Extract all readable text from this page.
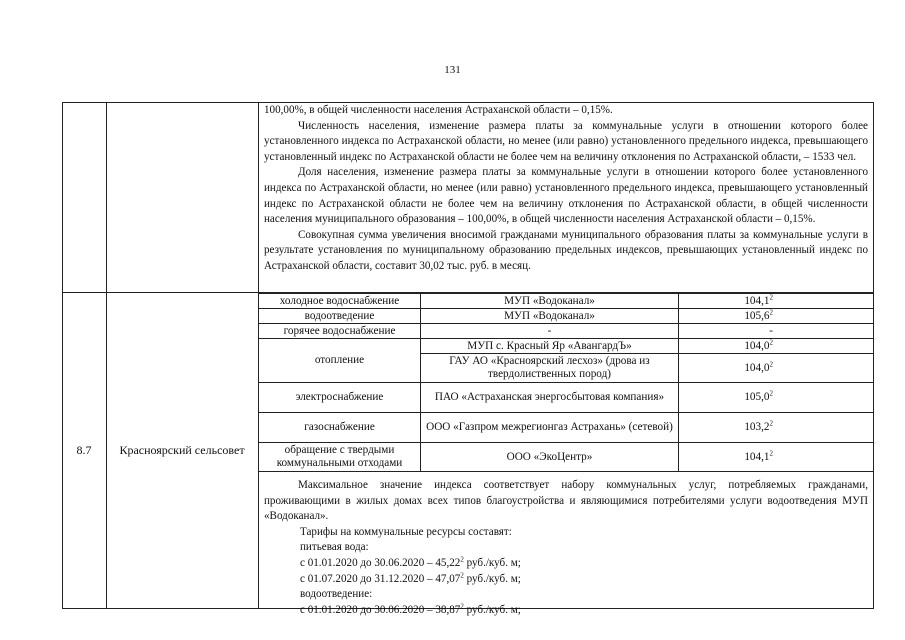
131

100,00%, в общей численности населения Астраханской области – 0,15%.

Численность населения, изменение размера платы за коммунальные услуги в отношении которого более установленного индекса по Астраханской области, но менее (или равно) установленного предельного индекса, превышающего установленный индекс по Астраханской области не более чем на величину отклонения по Астраханской области, – 1533 чел.

Доля населения, изменение размера платы за коммунальные услуги в отношении которого более установленного индекса по Астраханской области, но менее (или равно) установленного предельного индекса, превышающего установленный индекс по Астраханской области не более чем на величину отклонения по Астраханской области, в общей численности населения муниципального образования – 100,00%, в общей численности населения Астраханской области – 0,15%.

Совокупная сумма увеличения вносимой гражданами муниципального образования платы за коммунальные услуги в результате установления по муниципальному образованию предельных индексов, превышающих установленный индекс по Астраханской области, составит 30,02 тыс. руб. в месяц.

8.7	Красноярский сельсовет
холодное водоснабжение	МУП «Водоканал»	104,1$^2$
водоотведение	МУП «Водоканал»	105,6$^2$
горячее водоснабжение	-	-
отопление	МУП с. Красный Яр «АвангардЪ»	104,0$^2$
	ГАУ АО «Красноярский лесхоз» (дрова из твердолиственных пород)	104,0$^2$
электроснабжение	ПАО «Астраханская энергосбытовая компания»	105,0$^2$
газоснабжение	ООО «Газпром межрегионгаз Астрахань» (сетевой)	103,2$^2$
обращение с твердыми коммунальными отходами	ООО «ЭкоЦентр»	104,1$^2$

Максимальное значение индекса соответствует набору коммунальных услуг, потребляемых гражданами, проживающими в жилых домах всех типов благоустройства и являющимися потребителями услуги водоотведения МУП «Водоканал».

Тарифы на коммунальные ресурсы составят:

питьевая вода:

с 01.01.2020 до 30.06.2020 – 45,22$^2$ руб./куб. м;

с 01.07.2020 до 31.12.2020 – 47,07$^2$ руб./куб. м;

водоотведение:

с 01.01.2020 до 30.06.2020 – 38,87$^2$ руб./куб. м;
